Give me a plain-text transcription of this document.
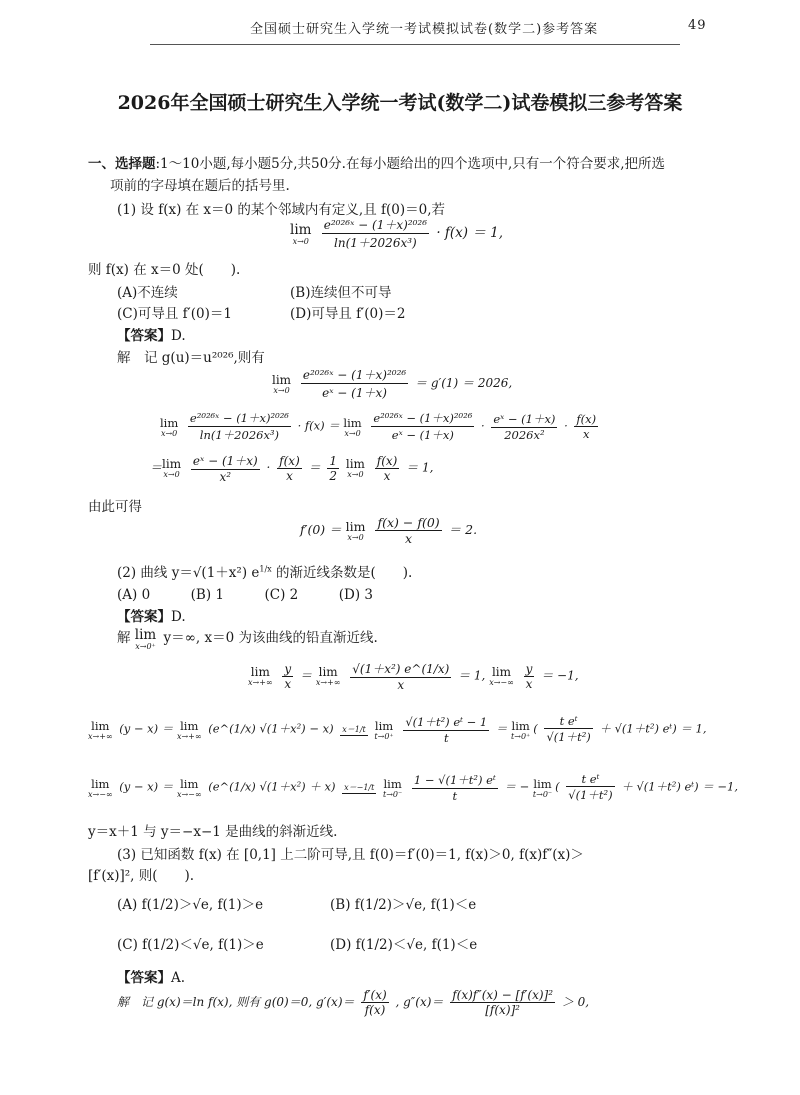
全国硕士研究生入学统一考试模拟试卷(数学二)参考答案	49
2026年全国硕士研究生入学统一考试(数学二)试卷模拟三参考答案
一、选择题:1～10小题,每小题5分,共50分.在每小题给出的四个选项中,只有一个符合要求,把所选
项前的字母填在题后的括号里.
(1) 设 f(x) 在 x＝0 的某个邻域内有定义,且 f(0)＝0,若
lim
x→0
$\frac{\text{e²⁰²⁶ˣ − (1＋x)²⁰²⁶}}{\text{ln(1＋2026x³)}} \cdot f(x) = 1$,
则 f(x) 在 x＝0 处(　　).
(A)不连续	(B)连续但不可导
(C)可导且 f′(0)＝1	(D)可导且 f′(0)＝2
【答案】D.
解　记 g(u)＝u²⁰²⁶,则有
lim
x→0
$\frac{\text{e²⁰²⁶ˣ − (1＋x)²⁰²⁶}}{\text{eˣ − (1＋x)}} = g'(1) = 2026$,
lim
x→0
$\frac{\text{e²⁰²⁶ˣ − (1＋x)²⁰²⁶}}{\text{ln(1＋2026x³)}} \cdot f(x) = \lim$
x→0
$\frac{\text{e²⁰²⁶ˣ − (1＋x)²⁰²⁶}}{\text{eˣ − (1＋x)}} \cdot \frac{\text{eˣ − (1＋x)}}{\text{2026x²}} \cdot \frac{f(x)}{x}$
＝ lim
x→0
$\frac{\text{eˣ − (1＋x)}}{\text{x²}} \cdot \frac{f(x)}{x} = \frac{1}{2}$
lim
x→0
$\frac{f(x)}{x} = 1$,
由此可得
f′(0) ＝ lim
x→0
$\frac{f(x) - f(0)}{x} = 2$.
(2) 曲线 y＝√(1＋x²) $e^{1/x}$ 的渐近线条数是(　　).
(A) 0　　　(B) 1　　　(C) 2　　　(D) 3
【答案】D.
解 lim
x→0⁺ y＝∞, x＝0 为该曲线的铅直渐近线.
lim
x→+∞
$\frac{y}{x} = \lim$
x→+∞
$\frac{\text{√(1＋x²) e\textasciicircum{}(1/x)}}{x} = 1$, lim
x→−∞
$\frac{y}{x} = -1$,
lim
x→+∞
(y − x) ＝ lim
x→+∞
(e^(1/x) √(1＋x²) − x) x＝1/t
lim
t→0⁺
$\frac{\text{√(1＋t²) eᵗ − 1}}{t} = \lim$
t→0⁺
( $\frac{\text{t eᵗ}}{\text{√(1＋t²)}} + √(1+t^2)$ eᵗ) ＝ 1,
lim
x→−∞
(y − x) ＝ lim
x→−∞
(e^(1/x) √(1＋x²) ＋ x) x＝−1/t
lim
t→0⁻
$\frac{\text{1 − √(1＋t²) eᵗ}}{t}$ ＝ − lim
t→0⁻
( $\frac{\text{t eᵗ}}{\text{√(1＋t²)}} + √(1+t^2)$ eᵗ) ＝ −1,
y＝x＋1 与 y＝−x−1 是曲线的斜渐近线.
(3) 已知函数 f(x) 在 [0,1] 上二阶可导,且 f(0)＝f′(0)＝1, f(x)＞0, f(x)f″(x)＞
[f′(x)]², 则(　　).
(A) f(1/2)＞√e, f(1)＞e	(B) f(1/2)＞√e, f(1)＜e
(C) f(1/2)＜√e, f(1)＞e	(D) f(1/2)＜√e, f(1)＜e
【答案】A.
解　记 g(x)＝ln f(x), 则有 g(0)＝0, $g'(x)= \frac{f'(x)}{f(x)}$ , $g''(x)= \frac{\text{f(x)f″(x) − [f′(x)]²}}{\text{[f(x)]²}} > 0$,
